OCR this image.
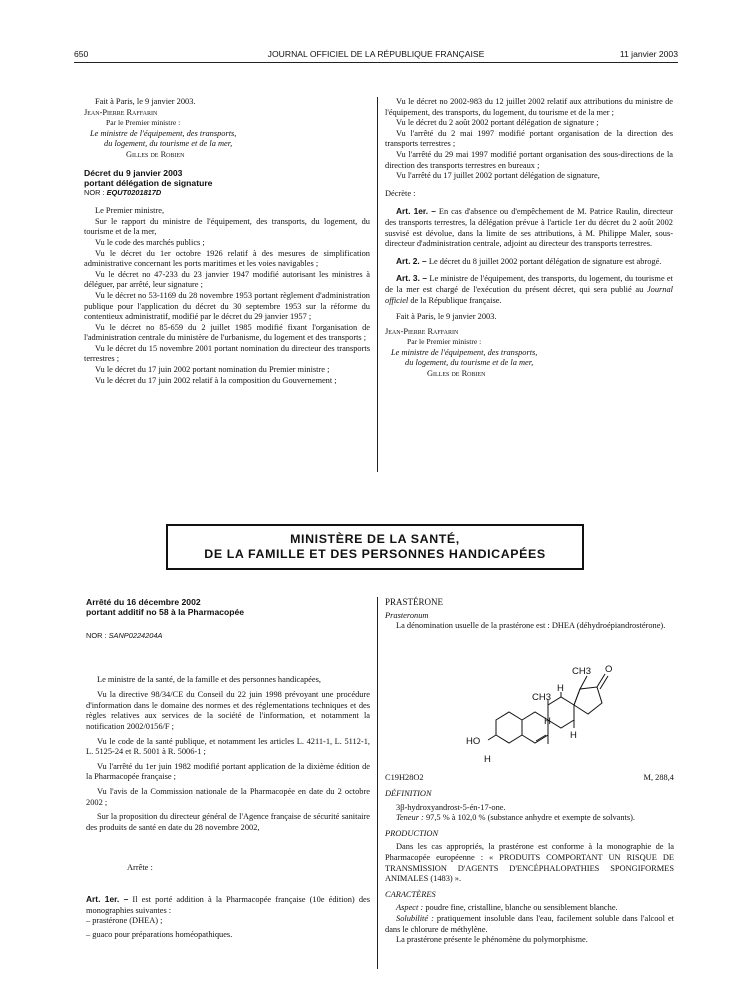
650	JOURNAL OFFICIEL DE LA RÉPUBLIQUE FRANÇAISE	11 janvier 2003

Fait à Paris, le 9 janvier 2003.

Jean-Pierre Raffarin

Par le Premier ministre :

Le ministre de l'équipement, des transports,

du logement, du tourisme et de la mer,

Gilles de Robien

Décret du 9 janvier 2003

portant délégation de signature

NOR : EQUT0201817D

Le Premier ministre,

Sur le rapport du ministre de l'équipement, des transports, du logement, du tourisme et de la mer,

Vu le code des marchés publics ;

Vu le décret du 1er octobre 1926 relatif à des mesures de simplification administrative concernant les ports maritimes et les voies navigables ;

Vu le décret no 47-233 du 23 janvier 1947 modifié autorisant les ministres à déléguer, par arrêté, leur signature ;

Vu le décret no 53-1169 du 28 novembre 1953 portant règlement d'administration publique pour l'application du décret du 30 septembre 1953 sur la réforme du contentieux administratif, modifié par le décret du 29 janvier 1957 ;

Vu le décret no 85-659 du 2 juillet 1985 modifié fixant l'organisation de l'administration centrale du ministère de l'urbanisme, du logement et des transports ;

Vu le décret du 15 novembre 2001 portant nomination du directeur des transports terrestres ;

Vu le décret du 17 juin 2002 portant nomination du Premier ministre ;

Vu le décret du 17 juin 2002 relatif à la composition du Gouvernement ;

Vu le décret no 2002-983 du 12 juillet 2002 relatif aux attributions du ministre de l'équipement, des transports, du logement, du tourisme et de la mer ;

Vu le décret du 2 août 2002 portant délégation de signature ;

Vu l'arrêté du 2 mai 1997 modifié portant organisation de la direction des transports terrestres ;

Vu l'arrêté du 29 mai 1997 modifié portant organisation des sous-directions de la direction des transports terrestres en bureaux ;

Vu l'arrêté du 17 juillet 2002 portant délégation de signature,

Décrète :

Art. 1er. – En cas d'absence ou d'empêchement de M. Patrice Raulin, directeur des transports terrestres, la délégation prévue à l'article 1er du décret du 2 août 2002 susvisé est dévolue, dans la limite de ses attributions, à M. Philippe Maler, sous-directeur d'administration centrale, adjoint au directeur des transports terrestres.

Art. 2. – Le décret du 8 juillet 2002 portant délégation de signature est abrogé.

Art. 3. – Le ministre de l'équipement, des transports, du logement, du tourisme et de la mer est chargé de l'exécution du présent décret, qui sera publié au Journal officiel de la République française.

Fait à Paris, le 9 janvier 2003.

Jean-Pierre Raffarin

Par le Premier ministre :

Le ministre de l'équipement, des transports,

du logement, du tourisme et de la mer,

Gilles de Robien

MINISTÈRE DE LA SANTÉ,
DE LA FAMILLE ET DES PERSONNES HANDICAPÉES

Arrêté du 16 décembre 2002

portant additif no 58 à la Pharmacopée

NOR : SANP0224204A

Le ministre de la santé, de la famille et des personnes handicapées,

Vu la directive 98/34/CE du Conseil du 22 juin 1998 prévoyant une procédure d'information dans le domaine des normes et des réglementations techniques et des règles relatives aux services de la société de l'information, et notamment la notification 2002/0156/F ;

Vu le code de la santé publique, et notamment les articles L. 4211-1, L. 5112-1, L. 5125-24 et R. 5001 à R. 5006-1 ;

Vu l'arrêté du 1er juin 1982 modifié portant application de la dixième édition de la Pharmacopée française ;

Vu l'avis de la Commission nationale de la Pharmacopée en date du 2 octobre 2002 ;

Sur la proposition du directeur général de l'Agence française de sécurité sanitaire des produits de santé en date du 28 novembre 2002,

Arrête :

Art. 1er. – Il est porté addition à la Pharmacopée française (10e édition) des monographies suivantes :

– prastérone (DHEA) ;

– guaco pour préparations homéopathiques.

PRASTÉRONE

Prasteronum

La dénomination usuelle de la prastérone est : DHEA (déhydroépiandrostérone).

CH3 O
CH3
H
H
H
HO
H
C19H28O2	M, 288,4

DÉFINITION

3β-hydroxyandrost-5-én-17-one.

Teneur : 97,5 % à 102,0 % (substance anhydre et exempte de solvants).

PRODUCTION

Dans les cas appropriés, la prastérone est conforme à la monographie de la Pharmacopée européenne : « PRODUITS COMPORTANT UN RISQUE DE TRANSMISSION D'AGENTS D'ENCÉPHALOPATHIES SPONGIFORMES ANIMALES (1483) ».

CARACTÈRES

Aspect : poudre fine, cristalline, blanche ou sensiblement blanche.

Solubilité : pratiquement insoluble dans l'eau, facilement soluble dans l'alcool et dans le chlorure de méthylène.

La prastérone présente le phénomène du polymorphisme.
